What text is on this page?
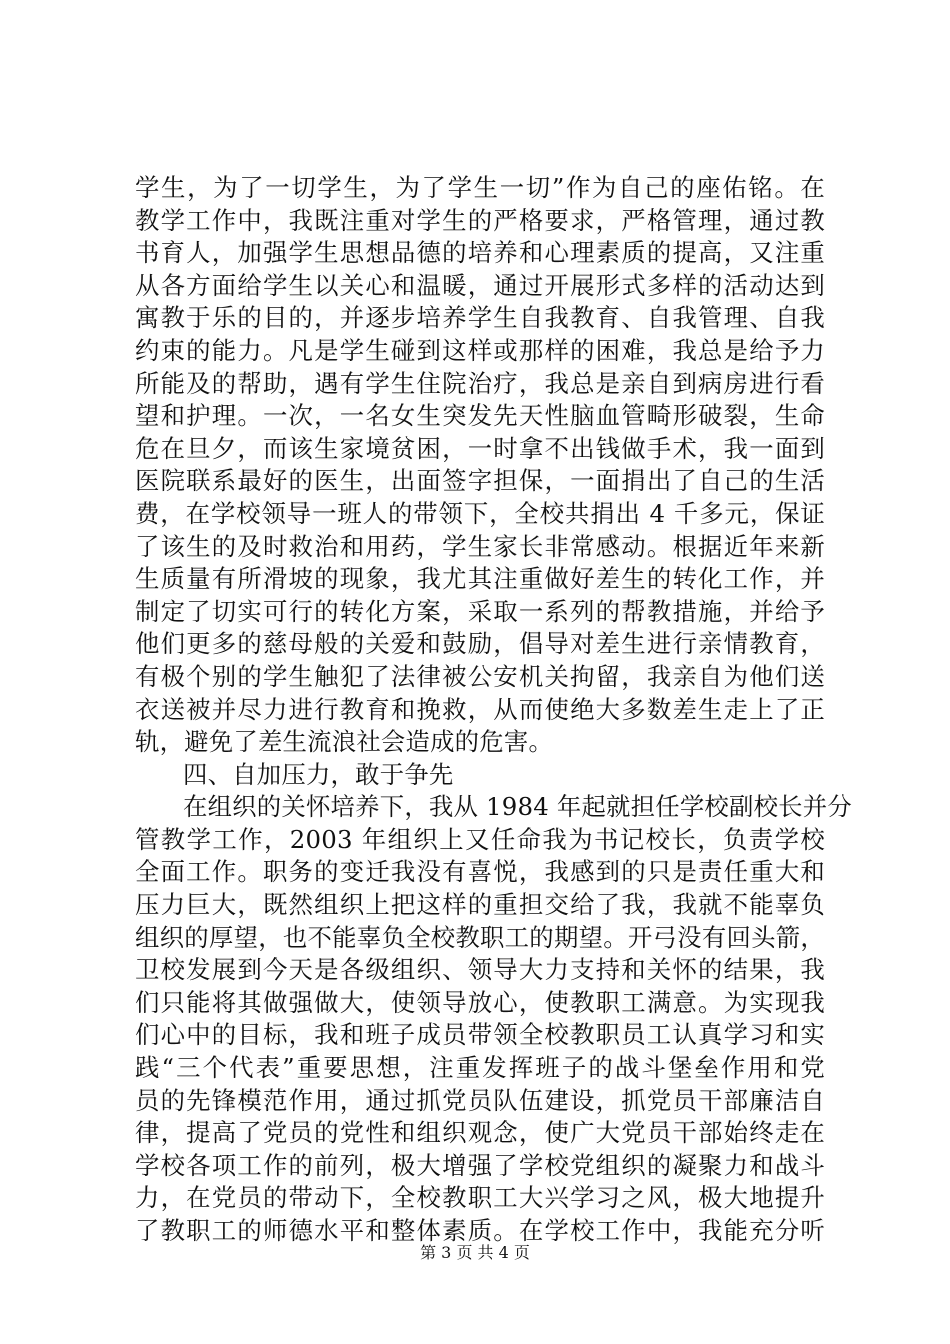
学生，为了一切学生，为了学生一切”作为自己的座佑铭。在
教学工作中，我既注重对学生的严格要求，严格管理，通过教
书育人，加强学生思想品德的培养和心理素质的提高，又注重
从各方面给学生以关心和温暖，通过开展形式多样的活动达到
寓教于乐的目的，并逐步培养学生自我教育、自我管理、自我
约束的能力。凡是学生碰到这样或那样的困难，我总是给予力
所能及的帮助，遇有学生住院治疗，我总是亲自到病房进行看
望和护理。一次，一名女生突发先天性脑血管畸形破裂，生命
危在旦夕，而该生家境贫困，一时拿不出钱做手术，我一面到
医院联系最好的医生，出面签字担保，一面捐出了自己的生活
费，在学校领导一班人的带领下，全校共捐出 4 千多元，保证
了该生的及时救治和用药，学生家长非常感动。根据近年来新
生质量有所滑坡的现象，我尤其注重做好差生的转化工作，并
制定了切实可行的转化方案，采取一系列的帮教措施，并给予
他们更多的慈母般的关爱和鼓励，倡导对差生进行亲情教育，
有极个别的学生触犯了法律被公安机关拘留，我亲自为他们送
衣送被并尽力进行教育和挽救，从而使绝大多数差生走上了正
轨，避免了差生流浪社会造成的危害。
四、自加压力，敢于争先
在组织的关怀培养下，我从 1984 年起就担任学校副校长并分
管教学工作，2003 年组织上又任命我为书记校长，负责学校
全面工作。职务的变迁我没有喜悦，我感到的只是责任重大和
压力巨大，既然组织上把这样的重担交给了我，我就不能辜负
组织的厚望，也不能辜负全校教职工的期望。开弓没有回头箭，
卫校发展到今天是各级组织、领导大力支持和关怀的结果，我
们只能将其做强做大，使领导放心，使教职工满意。为实现我
们心中的目标，我和班子成员带领全校教职员工认真学习和实
践“三个代表”重要思想，注重发挥班子的战斗堡垒作用和党
员的先锋模范作用，通过抓党员队伍建设，抓党员干部廉洁自
律，提高了党员的党性和组织观念，使广大党员干部始终走在
学校各项工作的前列，极大增强了学校党组织的凝聚力和战斗
力，在党员的带动下，全校教职工大兴学习之风，极大地提升
了教职工的师德水平和整体素质。在学校工作中，我能充分听
第 3 页 共 4 页
